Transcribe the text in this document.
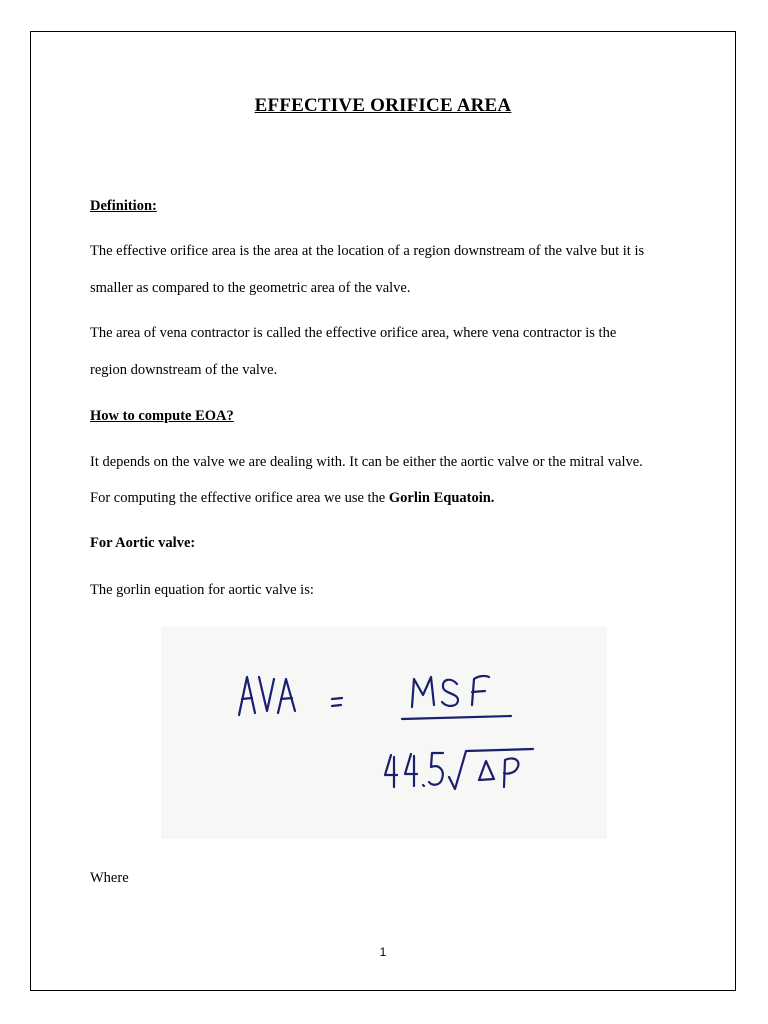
EFFECTIVE ORIFICE AREA
Definition:
The effective orifice area is the area at the location of a region downstream of the valve but it is
smaller as compared to the geometric area of the valve.
The area of vena contractor is called the effective orifice area, where vena contractor is the
region downstream of the valve.
How to compute EOA?
It depends on the valve we are dealing with. It can be either the aortic valve or the mitral valve.
For computing the effective orifice area we use the Gorlin Equatoin.
For Aortic valve:
The gorlin equation for aortic valve is:
Where
1
